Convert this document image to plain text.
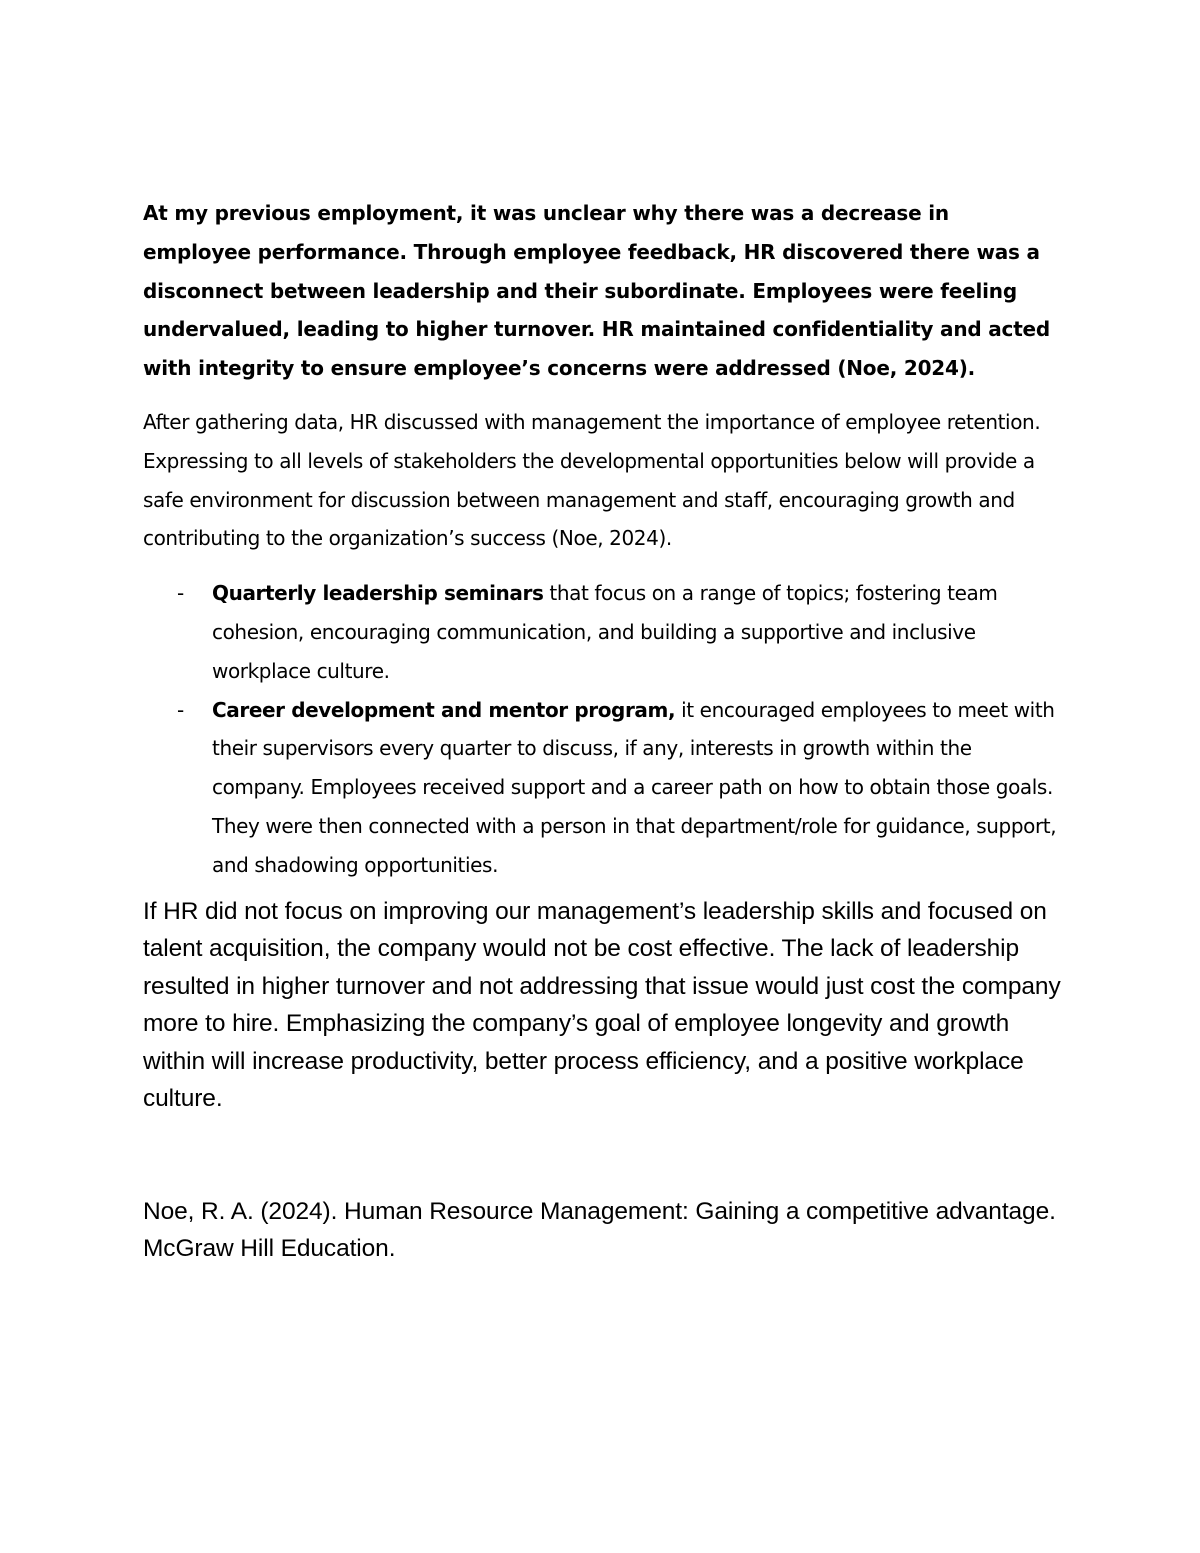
At my previous employment, it was unclear why there was a decrease in employee performance. Through employee feedback, HR discovered there was a disconnect between leadership and their subordinate. Employees were feeling undervalued, leading to higher turnover. HR maintained confidentiality and acted with integrity to ensure employee’s concerns were addressed (Noe, 2024).

After gathering data, HR discussed with management the importance of employee retention. Expressing to all levels of stakeholders the developmental opportunities below will provide a safe environment for discussion between management and staff, encouraging growth and contributing to the organization’s success (Noe, 2024).

- Quarterly leadership seminars that focus on a range of topics; fostering team cohesion, encouraging communication, and building a supportive and inclusive workplace culture.
- Career development and mentor program, it encouraged employees to meet with their supervisors every quarter to discuss, if any, interests in growth within the company. Employees received support and a career path on how to obtain those goals. They were then connected with a person in that department/role for guidance, support, and shadowing opportunities.

If HR did not focus on improving our management’s leadership skills and focused on talent acquisition, the company would not be cost effective. The lack of leadership resulted in higher turnover and not addressing that issue would just cost the company more to hire. Emphasizing the company’s goal of employee longevity and growth within will increase productivity, better process efficiency, and a positive workplace culture.

Noe, R. A. (2024). Human Resource Management: Gaining a competitive advantage. McGraw Hill Education.
